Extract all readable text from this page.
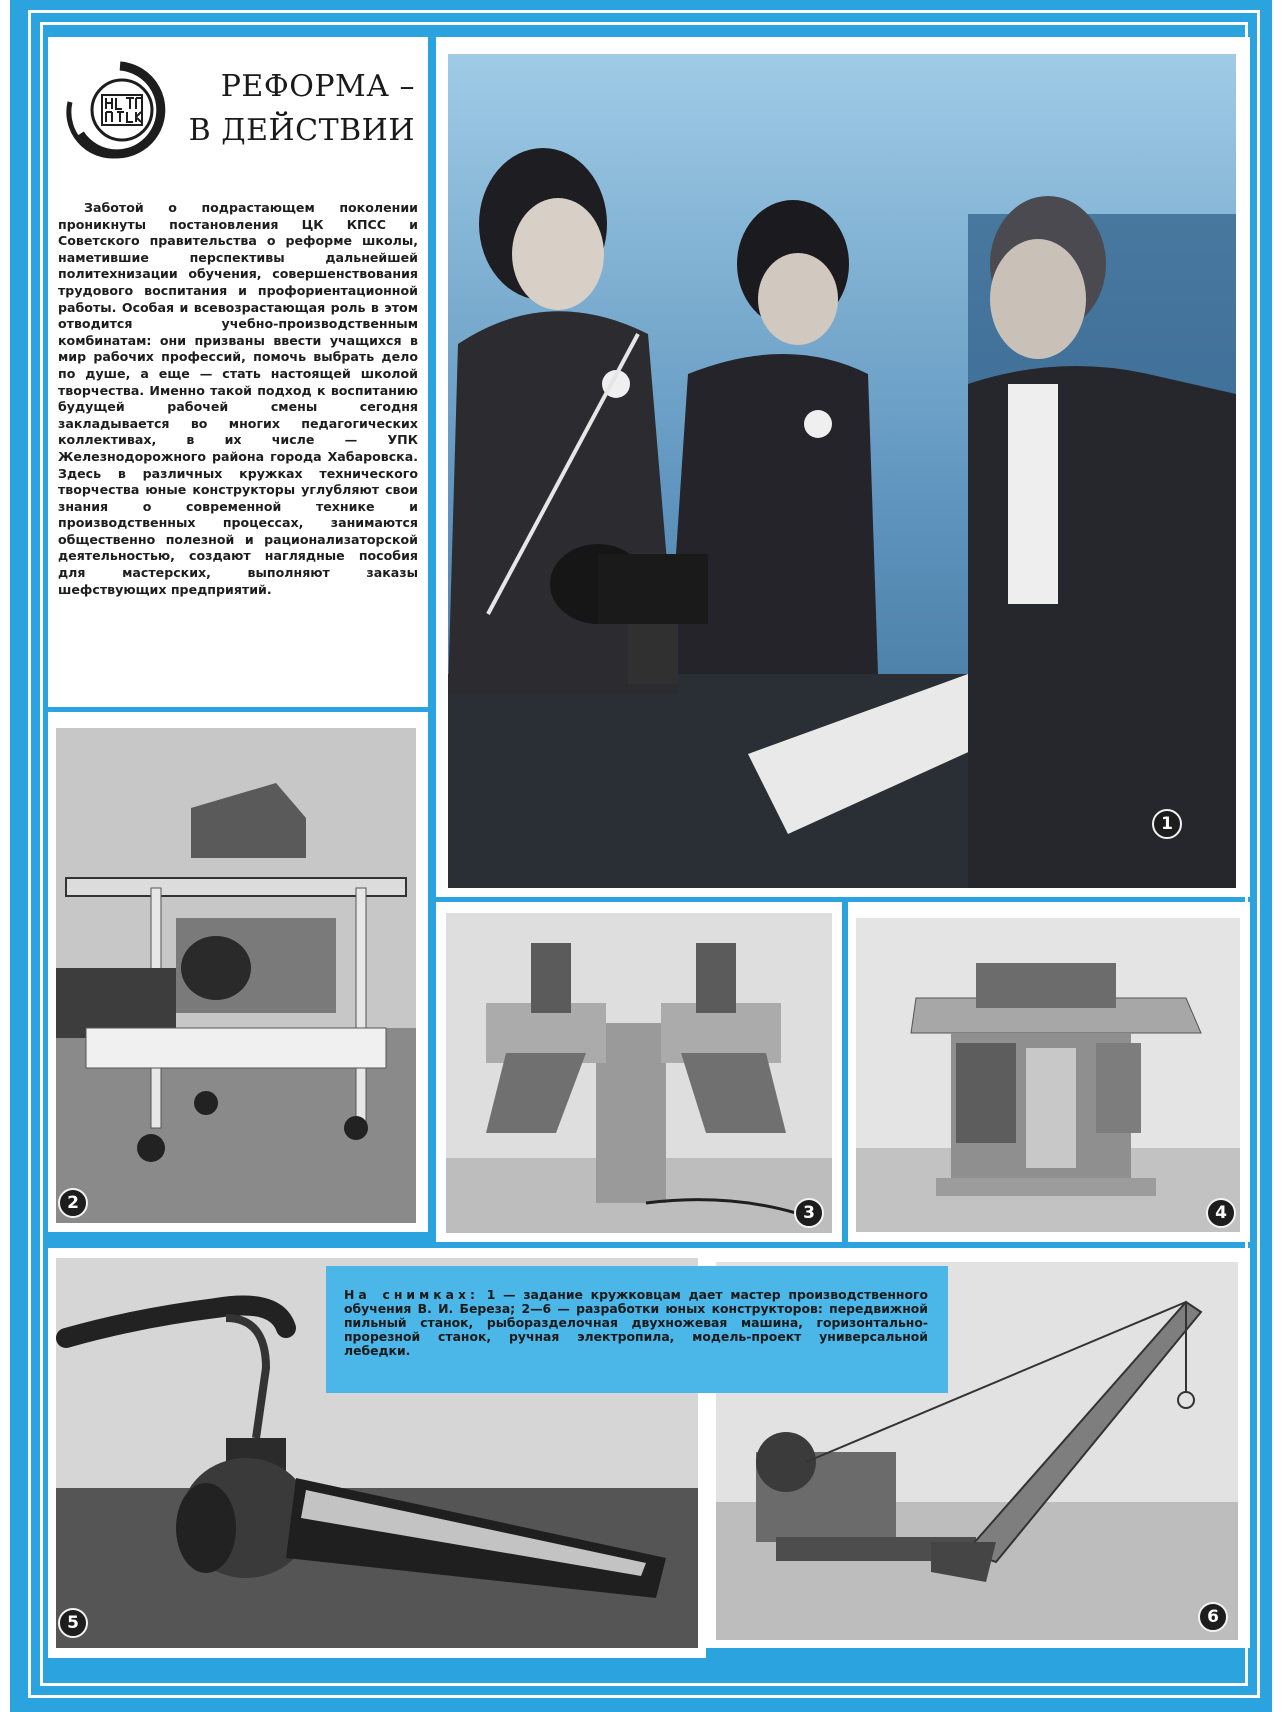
РЕФОРМА –
В ДЕЙСТВИИ
Заботой о подрастающем поколении проникнуты постановления ЦК КПСС и Советского правительства о реформе школы, наметившие перспективы дальнейшей политехнизации обучения, совершенствования трудового воспитания и профориентационной работы. Особая и всевозрастающая роль в этом отводится учебно-производственным комбинатам: они призваны ввести учащихся в мир рабочих профессий, помочь выбрать дело по душе, а еще — стать настоящей школой творчества. Именно такой подход к воспитанию будущей рабочей смены сегодня закладывается во многих педагогических коллективах, в их числе — УПК Железнодорожного района города Хабаровска. Здесь в различных кружках технического творчества юные конструкторы углубляют свои знания о современной технике и производственных процессах, занимаются общественно полезной и рационализаторской деятельностью, создают наглядные пособия для мастерских, выполняют заказы шефствующих предприятий.
1
2	3	4
5	6
На снимках: 1 — задание кружковцам дает мастер производственного обучения В. И. Береза; 2—6 — разработки юных конструкторов: передвижной пильный станок, рыборазделочная двухножевая машина, горизонтально-прорезной станок, ручная электропила, модель-проект универсальной лебедки.
